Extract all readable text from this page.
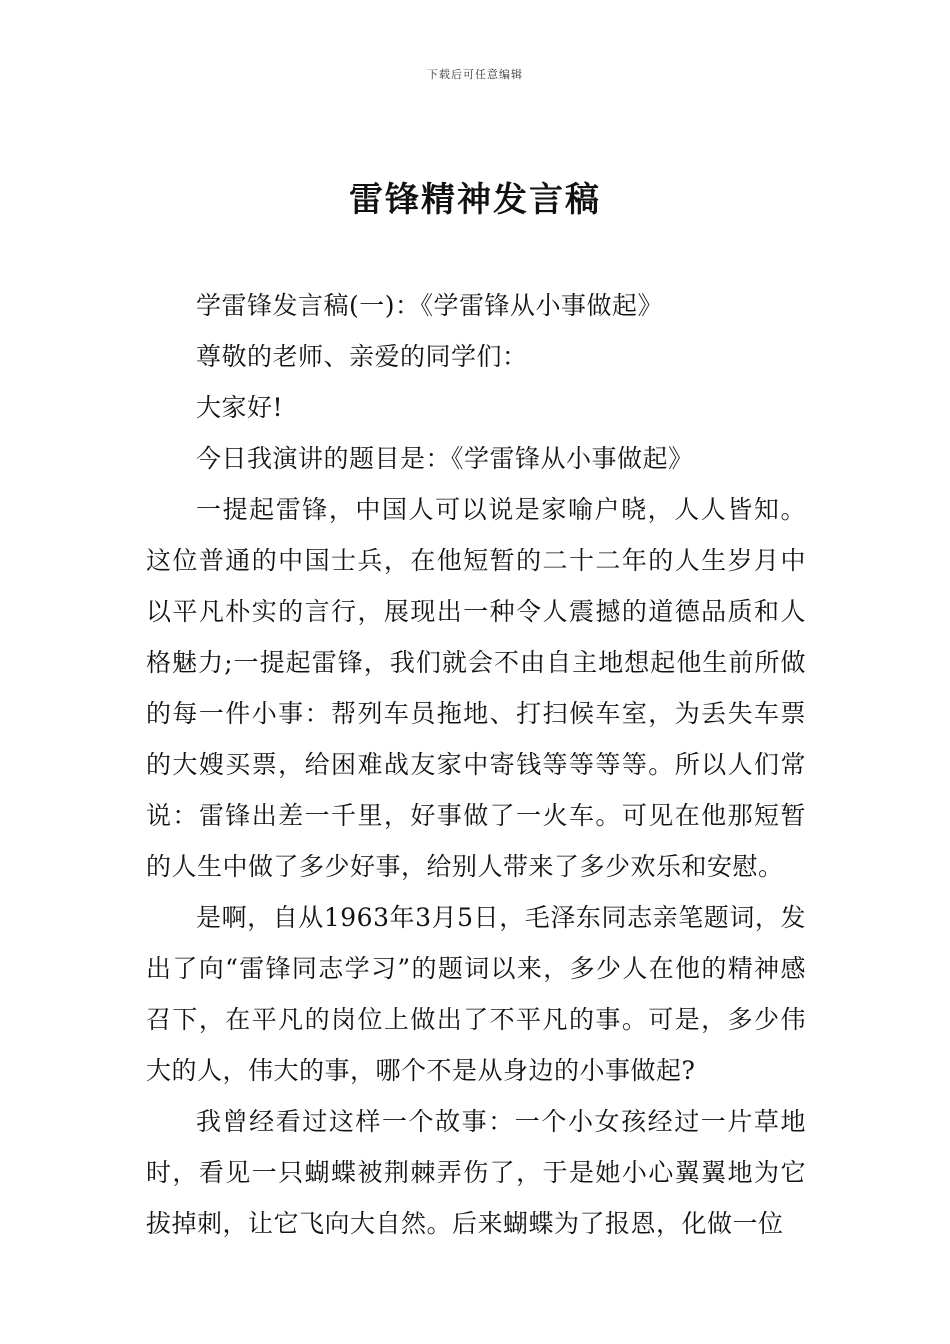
下载后可任意编辑
雷锋精神发言稿

学雷锋发言稿(一)：《学雷锋从小事做起》

尊敬的老师、亲爱的同学们：

大家好!

今日我演讲的题目是：《学雷锋从小事做起》

一提起雷锋，中国人可以说是家喻户晓，人人皆知。这位普通的中国士兵，在他短暂的二十二年的人生岁月中以平凡朴实的言行，展现出一种令人震撼的道德品质和人格魅力;一提起雷锋，我们就会不由自主地想起他生前所做的每一件小事：帮列车员拖地、打扫候车室，为丢失车票的大嫂买票，给困难战友家中寄钱等等等等。所以人们常说：雷锋出差一千里，好事做了一火车。可见在他那短暂的人生中做了多少好事，给别人带来了多少欢乐和安慰。

是啊，自从1963年3月5日，毛泽东同志亲笔题词，发出了向“雷锋同志学习”的题词以来，多少人在他的精神感召下，在平凡的岗位上做出了不平凡的事。可是，多少伟大的人，伟大的事，哪个不是从身边的小事做起?

我曾经看过这样一个故事：一个小女孩经过一片草地时，看见一只蝴蝶被荆棘弄伤了，于是她小心翼翼地为它拔掉刺，让它飞向大自然。后来蝴蝶为了报恩，化做一位
